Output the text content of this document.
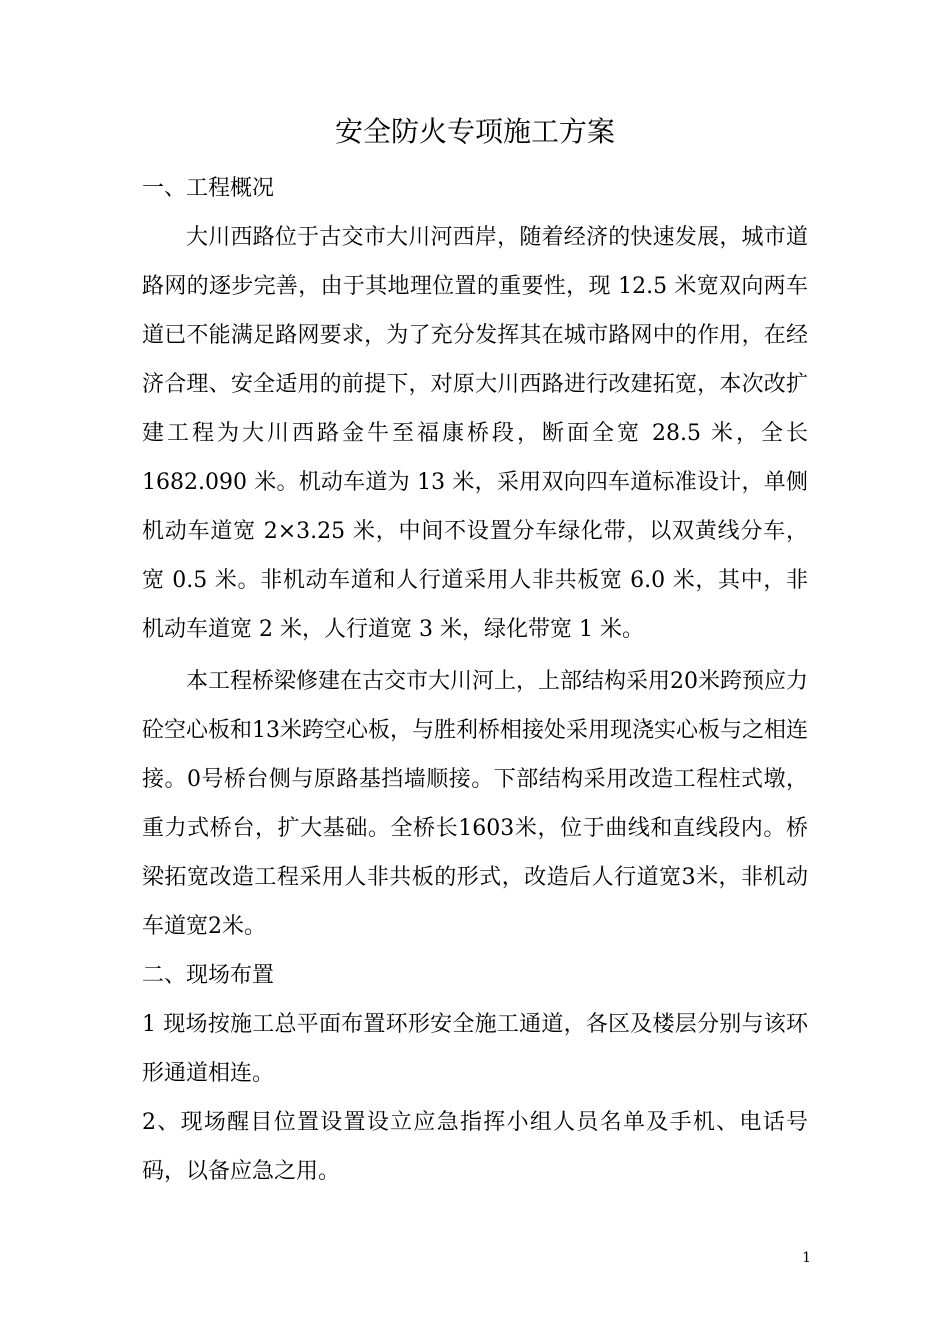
安全防火专项施工方案

一、工程概况

大川西路位于古交市大川河西岸，随着经济的快速发展，城市道路网的逐步完善，由于其地理位置的重要性，现 12.5 米宽双向两车道已不能满足路网要求，为了充分发挥其在城市路网中的作用，在经济合理、安全适用的前提下，对原大川西路进行改建拓宽，本次改扩建工程为大川西路金牛至福康桥段，断面全宽 28.5 米，全长 1682.090 米。机动车道为 13 米，采用双向四车道标准设计，单侧机动车道宽 2×3.25 米，中间不设置分车绿化带，以双黄线分车，宽 0.5 米。非机动车道和人行道采用人非共板宽 6.0 米，其中，非机动车道宽 2 米，人行道宽 3 米，绿化带宽 1 米。

本工程桥梁修建在古交市大川河上，上部结构采用20米跨预应力砼空心板和13米跨空心板，与胜利桥相接处采用现浇实心板与之相连接。0号桥台侧与原路基挡墙顺接。下部结构采用改造工程柱式墩，重力式桥台，扩大基础。全桥长1603米，位于曲线和直线段内。桥梁拓宽改造工程采用人非共板的形式，改造后人行道宽3米，非机动车道宽2米。

二、现场布置

1 现场按施工总平面布置环形安全施工通道，各区及楼层分别与该环形通道相连。

2、现场醒目位置设置设立应急指挥小组人员名单及手机、电话号码，以备应急之用。

1
